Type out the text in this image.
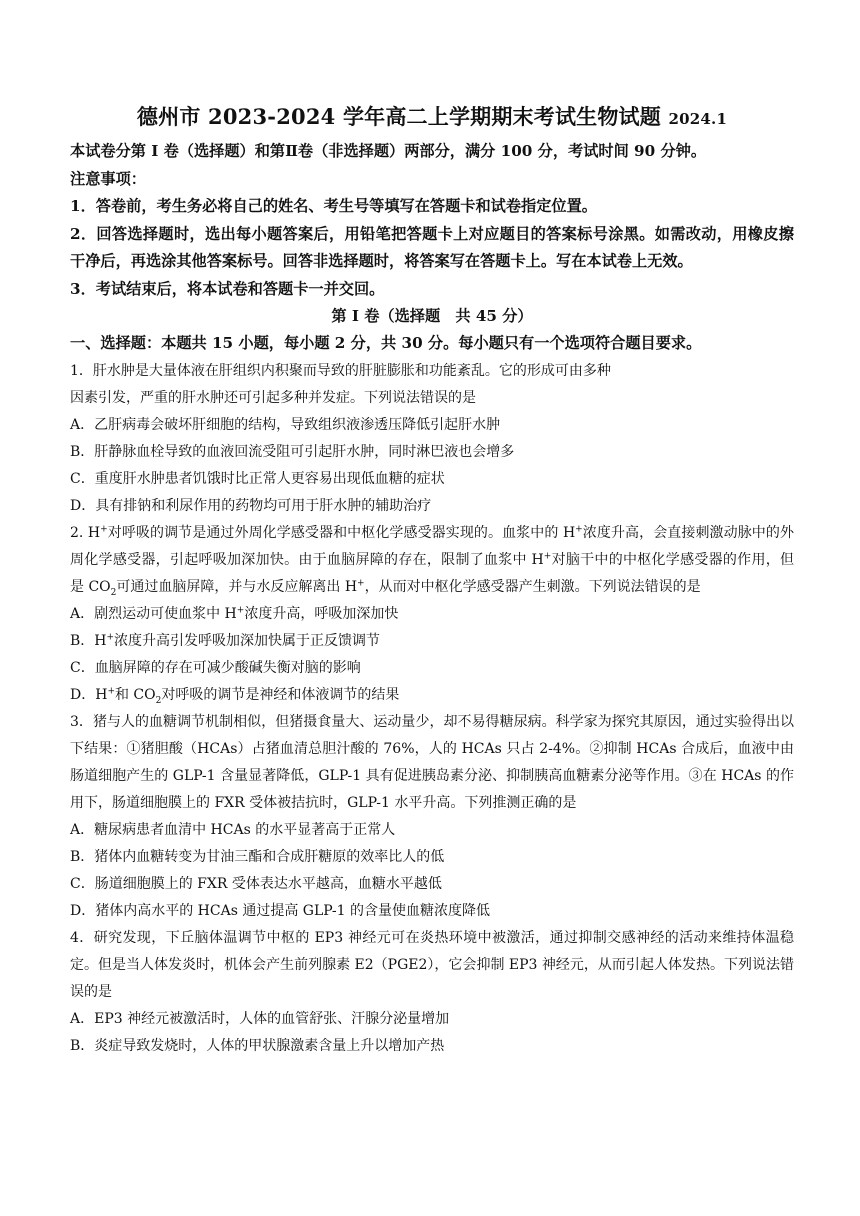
德州市 2023-2024 学年高二上学期期末考试生物试题 2024.1

本试卷分第 I 卷（选择题）和第Ⅱ卷（非选择题）两部分，满分 100 分，考试时间 90 分钟。

注意事项：

1．答卷前，考生务必将自己的姓名、考生号等填写在答题卡和试卷指定位置。

2．回答选择题时，选出每小题答案后，用铅笔把答题卡上对应题目的答案标号涂黑。如需改动，用橡皮擦干净后，再选涂其他答案标号。回答非选择题时，将答案写在答题卡上。写在本试卷上无效。

3．考试结束后，将本试卷和答题卡一并交回。

第 I 卷（选择题　共 45 分）

一、选择题：本题共 15 小题，每小题 2 分，共 30 分。每小题只有一个选项符合题目要求。

1．肝水肿是大量体液在肝组织内积聚而导致的肝脏膨胀和功能紊乱。它的形成可由多种

因素引发，严重的肝水肿还可引起多种并发症。下列说法错误的是

A．乙肝病毒会破坏肝细胞的结构，导致组织液渗透压降低引起肝水肿

B．肝静脉血栓导致的血液回流受阻可引起肝水肿，同时淋巴液也会增多

C．重度肝水肿患者饥饿时比正常人更容易出现低血糖的症状

D．具有排钠和利尿作用的药物均可用于肝水肿的辅助治疗

2. H+对呼吸的调节是通过外周化学感受器和中枢化学感受器实现的。血浆中的 H+浓度升高，会直接刺激动脉中的外周化学感受器，引起呼吸加深加快。由于血脑屏障的存在，限制了血浆中 H+对脑干中的中枢化学感受器的作用，但是 $CO_2$可通过血脑屏障，并与水反应解离出 H+，从而对中枢化学感受器产生刺激。下列说法错误的是

A．剧烈运动可使血浆中 H+浓度升高，呼吸加深加快

B．H+浓度升高引发呼吸加深加快属于正反馈调节

C．血脑屏障的存在可减少酸碱失衡对脑的影响

D．H+和 $CO_2$对呼吸的调节是神经和体液调节的结果

3．猪与人的血糖调节机制相似，但猪摄食量大、运动量少，却不易得糖尿病。科学家为探究其原因，通过实验得出以下结果：①猪胆酸（HCAs）占猪血清总胆汁酸的 76%，人的 HCAs 只占 2-4%。②抑制 HCAs 合成后，血液中由肠道细胞产生的 GLP-1 含量显著降低，GLP-1 具有促进胰岛素分泌、抑制胰高血糖素分泌等作用。③在 HCAs 的作用下，肠道细胞膜上的 FXR 受体被拮抗时，GLP-1 水平升高。下列推测正确的是

A．糖尿病患者血清中 HCAs 的水平显著高于正常人

B．猪体内血糖转变为甘油三酯和合成肝糖原的效率比人的低

C．肠道细胞膜上的 FXR 受体表达水平越高，血糖水平越低

D．猪体内高水平的 HCAs 通过提高 GLP-1 的含量使血糖浓度降低

4．研究发现，下丘脑体温调节中枢的 EP3 神经元可在炎热环境中被激活，通过抑制交感神经的活动来维持体温稳定。但是当人体发炎时，机体会产生前列腺素 E2（PGE2），它会抑制 EP3 神经元，从而引起人体发热。下列说法错误的是

A．EP3 神经元被激活时，人体的血管舒张、汗腺分泌量增加

B．炎症导致发烧时，人体的甲状腺激素含量上升以增加产热
